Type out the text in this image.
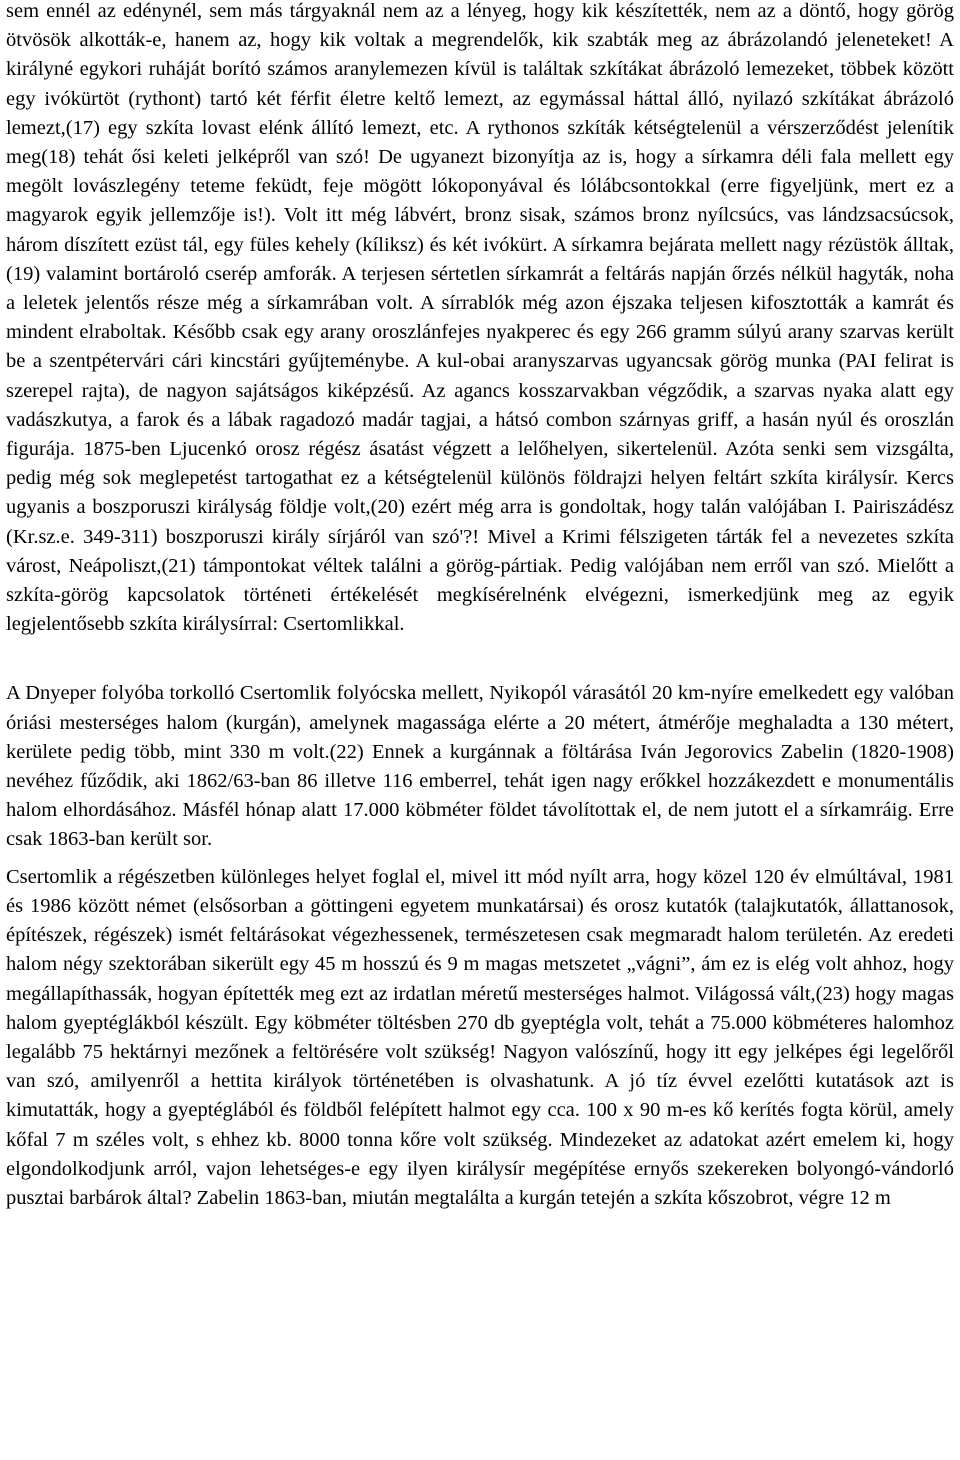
sem ennél az edénynél, sem más tárgyaknál nem az a lényeg, hogy kik készítették, nem az a döntő, hogy görög ötvösök alkották-e, hanem az, hogy kik voltak a megrendelők, kik szabták meg az ábrázolandó jeleneteket! A királyné egykori ruháját borító számos aranylemezen kívül is találtak szkítákat ábrázoló lemezeket, többek között egy ivókürtöt (rythont) tartó két férfit életre keltő lemezt, az egymással háttal álló, nyilazó szkítákat ábrázoló lemezt,(17) egy szkíta lovast elénk állító lemezt, etc. A rythonos szkíták kétségtelenül a vérszerződést jelenítik meg(18) tehát ősi keleti jelképről van szó! De ugyanezt bizonyítja az is, hogy a sírkamra déli fala mellett egy megölt lovászlegény teteme feküdt, feje mögött lókoponyával és lólábcsontokkal (erre figyeljünk, mert ez a magyarok egyik jellemzője is!). Volt itt még lábvért, bronz sisak, számos bronz nyílcsúcs, vas lándzsacsúcsok, három díszített ezüst tál, egy füles kehely (kíliksz) és két ivókürt. A sírkamra bejárata mellett nagy rézüstök álltak,(19) valamint bortároló cserép amforák. A terjesen sértetlen sírkamrát a feltárás napján őrzés nélkül hagyták, noha a leletek jelentős része még a sírkamrában volt. A sírrablók még azon éjszaka teljesen kifosztották a kamrát és mindent elraboltak. Később csak egy arany oroszlánfejes nyakperec és egy 266 gramm súlyú arany szarvas került be a szentpétervári cári kincstári gyűjteménybe. A kul-obai aranyszarvas ugyancsak görög munka (PAI felirat is szerepel rajta), de nagyon sajátságos kiképzésű. Az agancs kosszarvakban végződik, a szarvas nyaka alatt egy vadászkutya, a farok és a lábak ragadozó madár tagjai, a hátsó combon szárnyas griff, a hasán nyúl és oroszlán figurája. 1875-ben Ljucenkó orosz régész ásatást végzett a lelőhelyen, sikertelenül. Azóta senki sem vizsgálta, pedig még sok meglepetést tartogathat ez a kétségtelenül különös földrajzi helyen feltárt szkíta királysír. Kercs ugyanis a boszporuszi királyság földje volt,(20) ezért még arra is gondoltak, hogy talán valójában I. Pairiszádész (Kr.sz.e. 349-311) boszporuszi király sírjáról van szó'?! Mivel a Krimi félszigeten tárták fel a nevezetes szkíta várost, Neápoliszt,(21) támpontokat véltek találni a görög-pártiak. Pedig valójában nem erről van szó. Mielőtt a szkíta-görög kapcsolatok történeti értékelését megkísérelnénk elvégezni, ismerkedjünk meg az egyik legjelentősebb szkíta királysírral: Csertomlikkal.

A Dnyeper folyóba torkolló Csertomlik folyócska mellett, Nyikopól várasától 20 km-nyíre emelkedett egy valóban óriási mesterséges halom (kurgán), amelynek magassága elérte a 20 métert, átmérője meghaladta a 130 métert, kerülete pedig több, mint 330 m volt.(22) Ennek a kurgánnak a föltárása Iván Jegorovics Zabelin (1820-1908) nevéhez fűződik, aki 1862/63-ban 86 illetve 116 emberrel, tehát igen nagy erőkkel hozzákezdett e monumentális halom elhordásához. Másfél hónap alatt 17.000 köbméter földet távolítottak el, de nem jutott el a sírkamráig. Erre csak 1863-ban került sor.

Csertomlik a régészetben különleges helyet foglal el, mivel itt mód nyílt arra, hogy közel 120 év elmúltával, 1981 és 1986 között német (elsősorban a göttingeni egyetem munkatársai) és orosz kutatók (talajkutatók, állattanosok, építészek, régészek) ismét feltárásokat végezhessenek, természetesen csak megmaradt halom területén. Az eredeti halom négy szektorában sikerült egy 45 m hosszú és 9 m magas metszetet „vágni”, ám ez is elég volt ahhoz, hogy megállapíthassák, hogyan építették meg ezt az irdatlan méretű mesterséges halmot. Világossá vált,(23) hogy magas halom gyeptéglákból készült. Egy köbméter töltésben 270 db gyeptégla volt, tehát a 75.000 köbméteres halomhoz legalább 75 hektárnyi mezőnek a feltörésére volt szükség! Nagyon valószínű, hogy itt egy jelképes égi legelőről van szó, amilyenről a hettita királyok történetében is olvashatunk. A jó tíz évvel ezelőtti kutatások azt is kimutatták, hogy a gyeptéglából és földből felépített halmot egy cca. 100 x 90 m-es kő kerítés fogta körül, amely kőfal 7 m széles volt, s ehhez kb. 8000 tonna kőre volt szükség. Mindezeket az adatokat azért emelem ki, hogy elgondolkodjunk arról, vajon lehetséges-e egy ilyen királysír megépítése ernyős szekereken bolyongó-vándorló pusztai barbárok által? Zabelin 1863-ban, miután megtalálta a kurgán tetején a szkíta kőszobrot, végre 12 m
